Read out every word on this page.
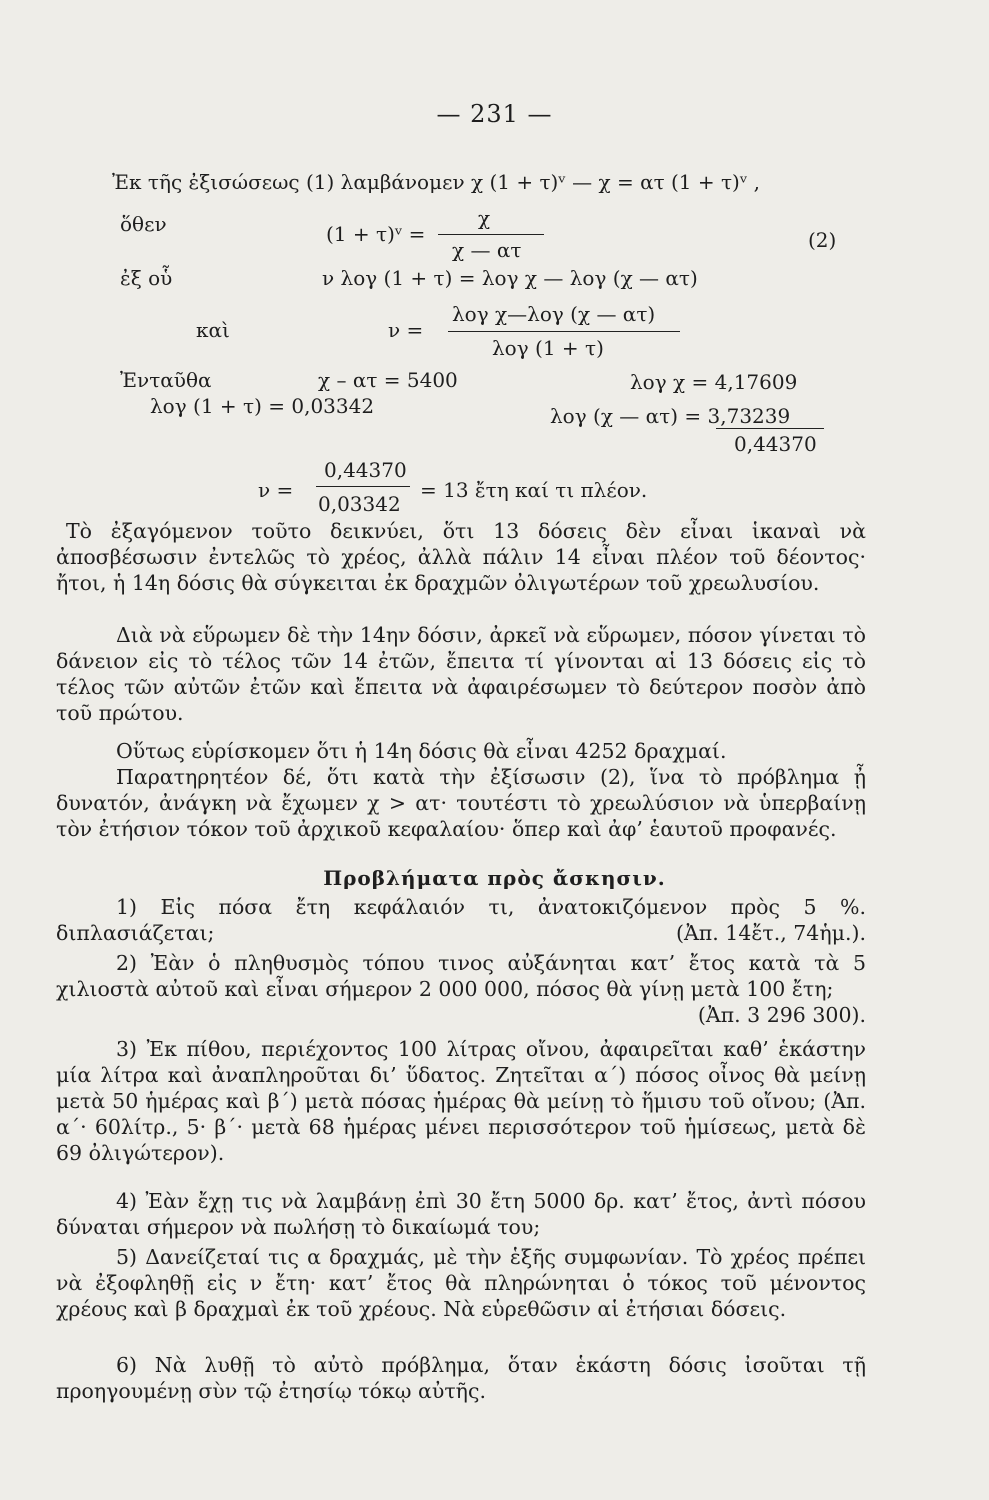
— 231 —
Ἐκ τῆς ἐξισώσεως (1) λαμβάνομεν χ (1 + τ)ᵛ — χ = ατ (1 + τ)ᵛ ,
ὅθεν	(1 + τ)ᵛ =
χ
χ — ατ	(2)
ἐξ οὗ	ν λογ (1 + τ) = λογ χ — λογ (χ — ατ)
καὶ	ν =
λογ χ—λογ (χ — ατ)
λογ (1 + τ)
Ἐνταῦθα	χ – ατ = 5400	λογ χ = 4,17609
λογ (1 + τ) = 0,03342	λογ (χ — ατ) = 3,73239
0,44370
ν =
0,44370
0,03342
= 13 ἔτη καί τι πλέον.
Τὸ ἐξαγόμενον τοῦτο δεικνύει, ὅτι 13 δόσεις δὲν εἶναι ἱκαναὶ νὰ ἀποσβέσωσιν ἐντελῶς τὸ χρέος, ἀλλὰ πάλιν 14 εἶναι πλέον τοῦ δέοντος· ἤτοι, ἡ 14η δόσις θὰ σύγκειται ἐκ δραχμῶν ὀλιγωτέρων τοῦ χρεωλυσίου.
Διὰ νὰ εὕρωμεν δὲ τὴν 14ην δόσιν, ἀρκεῖ νὰ εὕρωμεν, πόσον γίνεται τὸ δάνειον εἰς τὸ τέλος τῶν 14 ἐτῶν, ἔπειτα τί γίνονται αἱ 13 δόσεις εἰς τὸ τέλος τῶν αὐτῶν ἐτῶν καὶ ἔπειτα νὰ ἀφαιρέσωμεν τὸ δεύτερον ποσὸν ἀπὸ τοῦ πρώτου.
Οὕτως εὑρίσκομεν ὅτι ἡ 14η δόσις θὰ εἶναι 4252 δραχμαί.
Παρατηρητέον δέ, ὅτι κατὰ τὴν ἐξίσωσιν (2), ἵνα τὸ πρόβλημα ᾖ δυνατόν, ἀνάγκη νὰ ἔχωμεν χ > ατ· τουτέστι τὸ χρεωλύσιον νὰ ὑπερβαίνῃ τὸν ἐτήσιον τόκον τοῦ ἀρχικοῦ κεφαλαίου· ὅπερ καὶ ἀφ’ ἑαυτοῦ προφανές.
Προβλήματα πρὸς ἄσκησιν.
1) Εἰς πόσα ἔτη κεφάλαιόν τι, ἀνατοκιζόμενον πρὸς 5 %. διπλασιάζεται;	(Ἀπ. 14ἔτ., 74ἡμ.).
2) Ἐὰν ὁ πληθυσμὸς τόπου τινος αὐξάνηται κατ’ ἔτος κατὰ τὰ 5 χιλιοστὰ αὐτοῦ καὶ εἶναι σήμερον 2 000 000, πόσος θὰ γίνῃ μετὰ 100 ἔτη;
(Ἀπ. 3 296 300).
3) Ἐκ πίθου, περιέχοντος 100 λίτρας οἴνου, ἀφαιρεῖται καθ’ ἑκάστην μία λίτρα καὶ ἀναπληροῦται δι’ ὕδατος. Ζητεῖται α´) πόσος οἶνος θὰ μείνῃ μετὰ 50 ἡμέρας καὶ β´) μετὰ πόσας ἡμέρας θὰ μείνῃ τὸ ἥμισυ τοῦ οἴνου; (Ἀπ. α´· 60λίτρ., 5· β´· μετὰ 68 ἡμέρας μένει περισσότερον τοῦ ἡμίσεως, μετὰ δὲ 69 ὀλιγώτερον).
4) Ἐὰν ἔχῃ τις νὰ λαμβάνῃ ἐπὶ 30 ἔτη 5000 δρ. κατ’ ἔτος, ἀντὶ πόσου δύναται σήμερον νὰ πωλήσῃ τὸ δικαίωμά του;
5) Δανείζεταί τις α δραχμάς, μὲ τὴν ἑξῆς συμφωνίαν. Τὸ χρέος πρέπει νὰ ἐξοφληθῇ εἰς ν ἔτη· κατ’ ἔτος θὰ πληρώνηται ὁ τόκος τοῦ μένοντος χρέους καὶ β δραχμαὶ ἐκ τοῦ χρέους. Νὰ εὑρεθῶσιν αἱ ἐτήσιαι δόσεις.
6) Νὰ λυθῇ τὸ αὐτὸ πρόβλημα, ὅταν ἑκάστη δόσις ἰσοῦται τῇ προηγουμένῃ σὺν τῷ ἐτησίῳ τόκῳ αὐτῆς.
